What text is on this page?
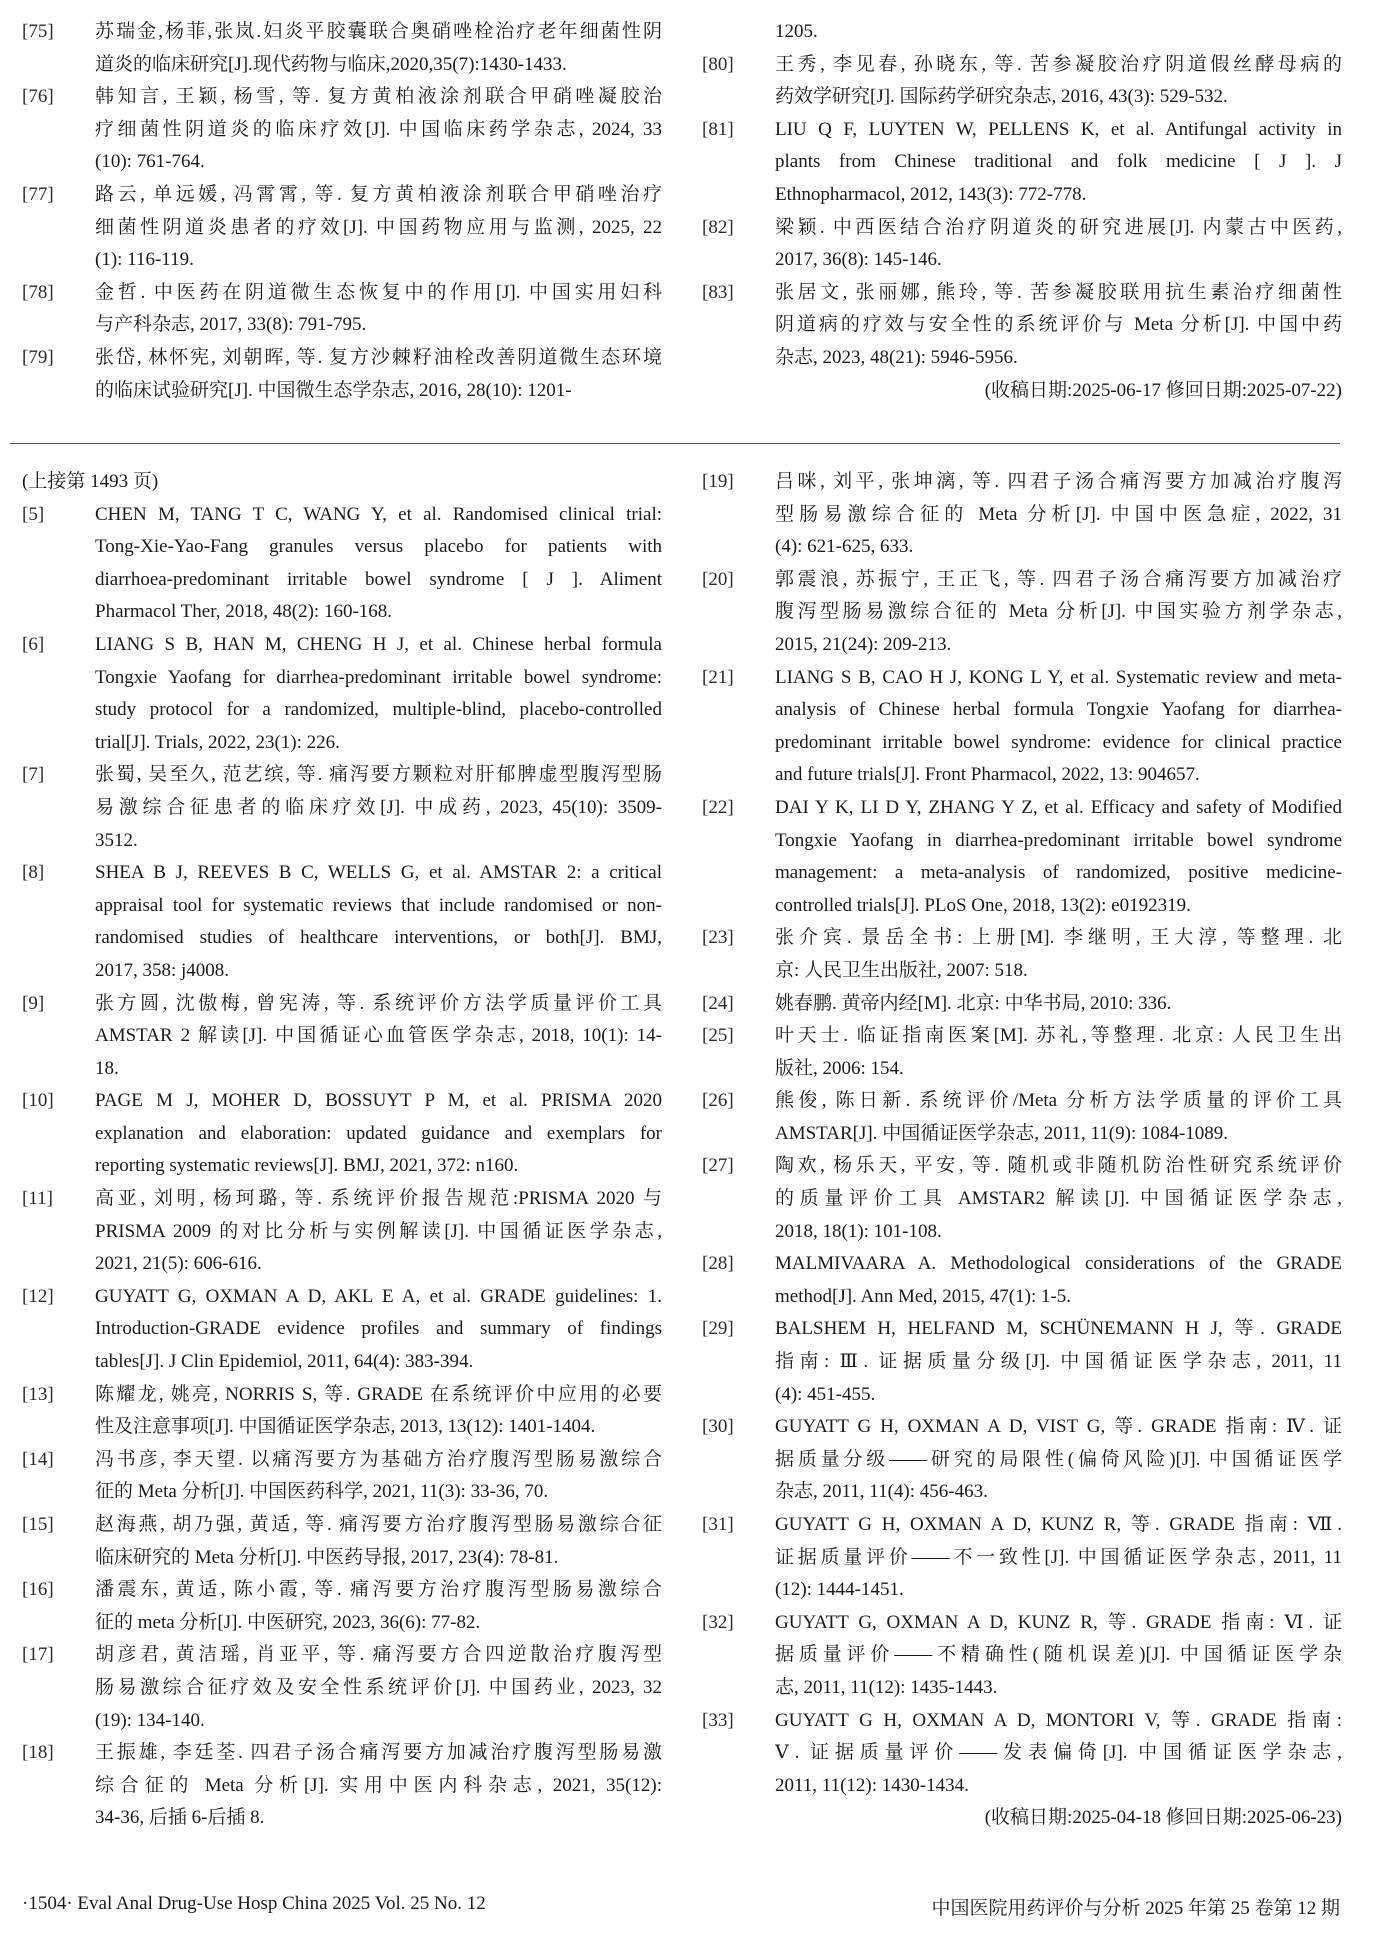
[75] 苏瑞金,杨菲,张岚.妇炎平胶囊联合奥硝唑栓治疗老年细菌性阴
道炎的临床研究[J].现代药物与临床,2020,35(7):1430-1433.
[76] 韩知言, 王颖, 杨雪, 等. 复方黄柏液涂剂联合甲硝唑凝胶治
疗细菌性阴道炎的临床疗效[J]. 中国临床药学杂志, 2024, 33
(10): 761-764.
[77] 路云, 单远媛, 冯霄霄, 等. 复方黄柏液涂剂联合甲硝唑治疗
细菌性阴道炎患者的疗效[J]. 中国药物应用与监测, 2025, 22
(1): 116-119.
[78] 金哲. 中医药在阴道微生态恢复中的作用[J]. 中国实用妇科
与产科杂志, 2017, 33(8): 791-795.
[79] 张岱, 林怀宪, 刘朝晖, 等. 复方沙棘籽油栓改善阴道微生态环境
的临床试验研究[J]. 中国微生态学杂志, 2016, 28(10): 1201-
1205.
[80] 王秀, 李见春, 孙晓东, 等. 苦参凝胶治疗阴道假丝酵母病的
药效学研究[J]. 国际药学研究杂志, 2016, 43(3): 529-532.
[81] LIU Q F, LUYTEN W, PELLENS K, et al. Antifungal activity in
plants from Chinese traditional and folk medicine [ J ]. J
Ethnopharmacol, 2012, 143(3): 772-778.
[82] 梁颖. 中西医结合治疗阴道炎的研究进展[J]. 内蒙古中医药,
2017, 36(8): 145-146.
[83] 张居文, 张丽娜, 熊玲, 等. 苦参凝胶联用抗生素治疗细菌性
阴道病的疗效与安全性的系统评价与 Meta 分析[J]. 中国中药
杂志, 2023, 48(21): 5946-5956.
(收稿日期:2025-06-17 修回日期:2025-07-22)
(上接第 1493 页)
[5]	CHEN M, TANG T C, WANG Y, et al. Randomised clinical trial:
Tong-Xie-Yao-Fang granules versus placebo for patients with
diarrhoea-predominant irritable bowel syndrome [ J ]. Aliment
Pharmacol Ther, 2018, 48(2): 160-168.
[6]	LIANG S B, HAN M, CHENG H J, et al. Chinese herbal formula
Tongxie Yaofang for diarrhea-predominant irritable bowel syndrome:
study protocol for a randomized, multiple-blind, placebo-controlled
trial[J]. Trials, 2022, 23(1): 226.
[7]	张蜀, 吴至久, 范艺缤, 等. 痛泻要方颗粒对肝郁脾虚型腹泻型肠
易激综合征患者的临床疗效[J]. 中成药, 2023, 45(10): 3509-
3512.
[8]	SHEA B J, REEVES B C, WELLS G, et al. AMSTAR 2: a critical
appraisal tool for systematic reviews that include randomised or non-
randomised studies of healthcare interventions, or both[J]. BMJ,
2017, 358: j4008.
[9]	张方圆, 沈傲梅, 曾宪涛, 等. 系统评价方法学质量评价工具
AMSTAR 2 解读[J]. 中国循证心血管医学杂志, 2018, 10(1): 14-
18.
[10] PAGE M J, MOHER D, BOSSUYT P M, et al. PRISMA 2020
explanation and elaboration: updated guidance and exemplars for
reporting systematic reviews[J]. BMJ, 2021, 372: n160.
[11] 高亚, 刘明, 杨珂璐, 等. 系统评价报告规范:PRISMA 2020 与
PRISMA 2009 的对比分析与实例解读[J]. 中国循证医学杂志,
2021, 21(5): 606-616.
[12] GUYATT G, OXMAN A D, AKL E A, et al. GRADE guidelines: 1.
Introduction-GRADE evidence profiles and summary of findings
tables[J]. J Clin Epidemiol, 2011, 64(4): 383-394.
[13] 陈耀龙, 姚亮, NORRIS S, 等. GRADE 在系统评价中应用的必要
性及注意事项[J]. 中国循证医学杂志, 2013, 13(12): 1401-1404.
[14] 冯书彦, 李天望. 以痛泻要方为基础方治疗腹泻型肠易激综合
征的 Meta 分析[J]. 中国医药科学, 2021, 11(3): 33-36, 70.
[15] 赵海燕, 胡乃强, 黄适, 等. 痛泻要方治疗腹泻型肠易激综合征
临床研究的 Meta 分析[J]. 中医药导报, 2017, 23(4): 78-81.
[16] 潘震东, 黄适, 陈小霞, 等. 痛泻要方治疗腹泻型肠易激综合
征的 meta 分析[J]. 中医研究, 2023, 36(6): 77-82.
[17] 胡彦君, 黄洁瑶, 肖亚平, 等. 痛泻要方合四逆散治疗腹泻型
肠易激综合征疗效及安全性系统评价[J]. 中国药业, 2023, 32
(19): 134-140.
[18] 王振雄, 李廷荃. 四君子汤合痛泻要方加减治疗腹泻型肠易激
综合征的 Meta 分析[J]. 实用中医内科杂志, 2021, 35(12):
34-36, 后插 6-后插 8.
[19] 吕咪, 刘平, 张坤漓, 等. 四君子汤合痛泻要方加减治疗腹泻
型肠易激综合征的 Meta 分析[J]. 中国中医急症, 2022, 31
(4): 621-625, 633.
[20] 郭震浪, 苏振宁, 王正飞, 等. 四君子汤合痛泻要方加减治疗
腹泻型肠易激综合征的 Meta 分析[J]. 中国实验方剂学杂志,
2015, 21(24): 209-213.
[21] LIANG S B, CAO H J, KONG L Y, et al. Systematic review and meta-
analysis of Chinese herbal formula Tongxie Yaofang for diarrhea-
predominant irritable bowel syndrome: evidence for clinical practice
and future trials[J]. Front Pharmacol, 2022, 13: 904657.
[22] DAI Y K, LI D Y, ZHANG Y Z, et al. Efficacy and safety of Modified
Tongxie Yaofang in diarrhea-predominant irritable bowel syndrome
management: a meta-analysis of randomized, positive medicine-
controlled trials[J]. PLoS One, 2018, 13(2): e0192319.
[23] 张介宾. 景岳全书: 上册[M]. 李继明, 王大淳, 等整理. 北
京: 人民卫生出版社, 2007: 518.
[24] 姚春鹏. 黄帝内经[M]. 北京: 中华书局, 2010: 336.
[25] 叶天士. 临证指南医案[M]. 苏礼,等整理. 北京: 人民卫生出
版社, 2006: 154.
[26] 熊俊, 陈日新. 系统评价/Meta 分析方法学质量的评价工具
AMSTAR[J]. 中国循证医学杂志, 2011, 11(9): 1084-1089.
[27] 陶欢, 杨乐天, 平安, 等. 随机或非随机防治性研究系统评价
的质量评价工具 AMSTAR2 解读[J]. 中国循证医学杂志,
2018, 18(1): 101-108.
[28] MALMIVAARA A. Methodological considerations of the GRADE
method[J]. Ann Med, 2015, 47(1): 1-5.
[29] BALSHEM H, HELFAND M, SCHÜNEMANN H J, 等. GRADE
指南: Ⅲ. 证据质量分级[J]. 中国循证医学杂志, 2011, 11
(4): 451-455.
[30] GUYATT G H, OXMAN A D, VIST G, 等. GRADE 指南: Ⅳ. 证
据质量分级——研究的局限性(偏倚风险)[J]. 中国循证医学
杂志, 2011, 11(4): 456-463.
[31] GUYATT G H, OXMAN A D, KUNZ R, 等. GRADE 指南: Ⅶ.
证据质量评价——不一致性[J]. 中国循证医学杂志, 2011, 11
(12): 1444-1451.
[32] GUYATT G, OXMAN A D, KUNZ R, 等. GRADE 指南: Ⅵ. 证
据质量评价——不精确性(随机误差)[J]. 中国循证医学杂
志, 2011, 11(12): 1435-1443.
[33] GUYATT G H, OXMAN A D, MONTORI V, 等. GRADE 指南:
Ⅴ. 证据质量评价——发表偏倚[J]. 中国循证医学杂志,
2011, 11(12): 1430-1434.
(收稿日期:2025-04-18 修回日期:2025-06-23)
·1504· Eval Anal Drug-Use Hosp China 2025 Vol. 25 No. 12	中国医院用药评价与分析 2025 年第 25 卷第 12 期
